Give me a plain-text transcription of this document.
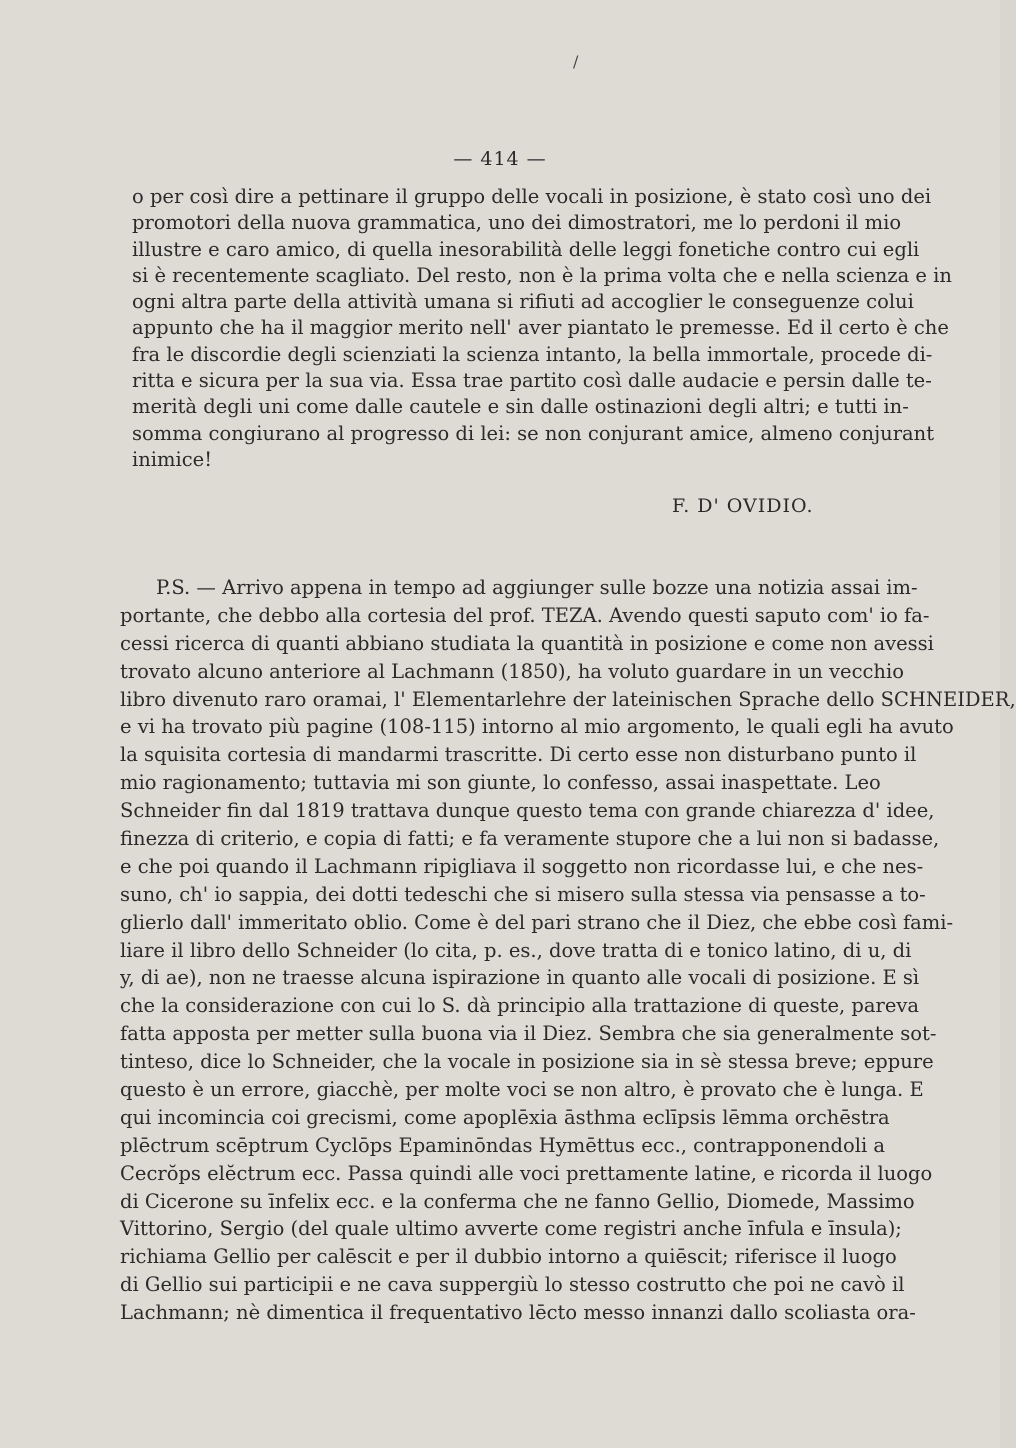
/
— 414 —
o per così dire a pettinare il gruppo delle vocali in posizione, è stato così uno dei
promotori della nuova grammatica, uno dei dimostratori, me lo perdoni il mio
illustre e caro amico, di quella inesorabilità delle leggi fonetiche contro cui egli
si è recentemente scagliato. Del resto, non è la prima volta che e nella scienza e in
ogni altra parte della attività umana si rifiuti ad accoglier le conseguenze colui
appunto che ha il maggior merito nell' aver piantato le premesse. Ed il certo è che
fra le discordie degli scienziati la scienza intanto, la bella immortale, procede di-
ritta e sicura per la sua via. Essa trae partito così dalle audacie e persin dalle te-
merità degli uni come dalle cautele e sin dalle ostinazioni degli altri; e tutti in-
somma congiurano al progresso di lei: se non conjurant amice, almeno conjurant
inimice!
F. D' OVIDIO.
P.S. — Arrivo appena in tempo ad aggiunger sulle bozze una notizia assai im-
portante, che debbo alla cortesia del prof. TEZA. Avendo questi saputo com' io fa-
cessi ricerca di quanti abbiano studiata la quantità in posizione e come non avessi
trovato alcuno anteriore al Lachmann (1850), ha voluto guardare in un vecchio
libro divenuto raro oramai, l' Elementarlehre der lateinischen Sprache dello SCHNEIDER,
e vi ha trovato più pagine (108-115) intorno al mio argomento, le quali egli ha avuto
la squisita cortesia di mandarmi trascritte. Di certo esse non disturbano punto il
mio ragionamento; tuttavia mi son giunte, lo confesso, assai inaspettate. Leo
Schneider fin dal 1819 trattava dunque questo tema con grande chiarezza d' idee,
finezza di criterio, e copia di fatti; e fa veramente stupore che a lui non si badasse,
e che poi quando il Lachmann ripigliava il soggetto non ricordasse lui, e che nes-
suno, ch' io sappia, dei dotti tedeschi che si misero sulla stessa via pensasse a to-
glierlo dall' immeritato oblio. Come è del pari strano che il Diez, che ebbe così fami-
liare il libro dello Schneider (lo cita, p. es., dove tratta di e tonico latino, di u, di
y, di ae), non ne traesse alcuna ispirazione in quanto alle vocali di posizione. E sì
che la considerazione con cui lo S. dà principio alla trattazione di queste, pareva
fatta apposta per metter sulla buona via il Diez. Sembra che sia generalmente sot-
tinteso, dice lo Schneider, che la vocale in posizione sia in sè stessa breve; eppure
questo è un errore, giacchè, per molte voci se non altro, è provato che è lunga. E
qui incomincia coi grecismi, come apoplēxia āsthma eclīpsis lēmma orchēstra
plēctrum scēptrum Cyclōps Epaminōndas Hymēttus ecc., contrapponendoli a
Cecrŏps elĕctrum ecc. Passa quindi alle voci prettamente latine, e ricorda il luogo
di Cicerone su īnfelix ecc. e la conferma che ne fanno Gellio, Diomede, Massimo
Vittorino, Sergio (del quale ultimo avverte come registri anche īnfula e īnsula);
richiama Gellio per calēscit e per il dubbio intorno a quiēscit; riferisce il luogo
di Gellio sui participii e ne cava suppergiù lo stesso costrutto che poi ne cavò il
Lachmann; nè dimentica il frequentativo lēcto messo innanzi dallo scoliasta ora-
